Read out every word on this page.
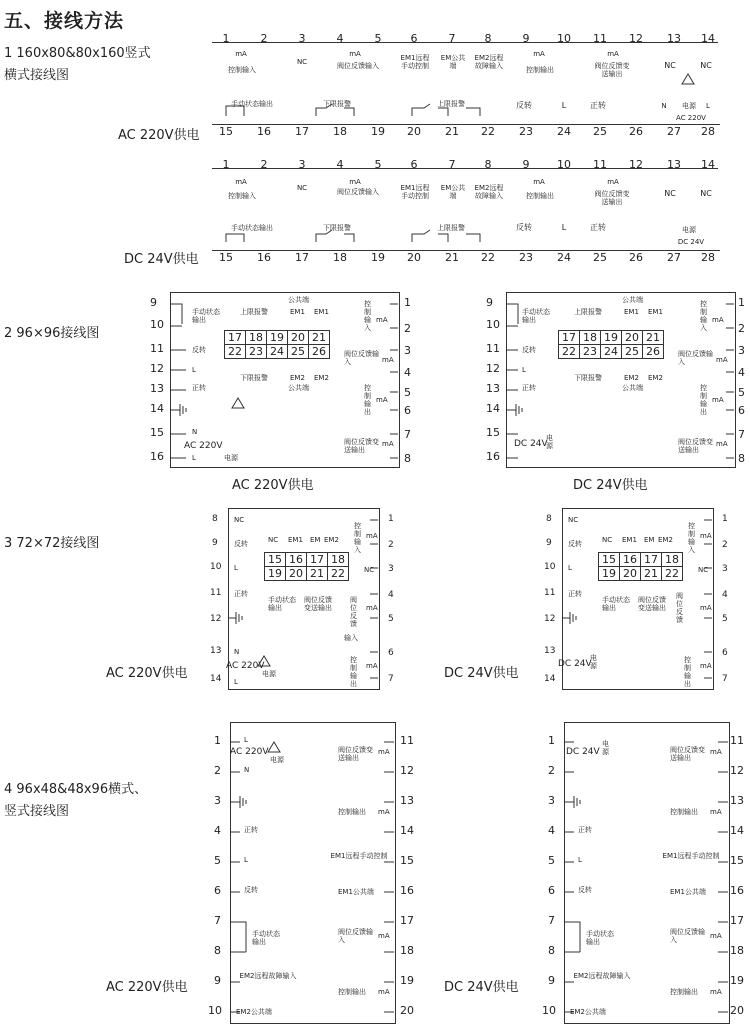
五、接线方法
1 160x80&80x160竖式
横式接线图
AC 220V供电
DC 24V供电
2 96×96接线图
AC 220V供电	DC 24V供电
3 72×72接线图
AC 220V供电	DC 24V供电
4 96x48&48x96横式、
竖式接线图
AC 220V供电	DC 24V供电
1	2	3	4	5	6	7	8	9	10	11	12	13	14
mA
控制输入
NC
mA
阀位反馈输入
EM1远程手动控制
EM公共端
EM2远程故障输入
mA
控制输出
mA
阀位反馈变送输出
NC	NC
手动状态输出	下限报警	上限报警	反转	L	正转	N	电源	L
AC 220V
15	16	17	18	19	20	21	22	23	24	25	26	27	28
1	2	3	4	5	6	7	8	9	10	11	12	13	14
mA
控制输入
NC
mA
阀位反馈输入	EM1远程手动控制
EM公共端
EM2远程故障输入
mA
控制输出
mA
阀位反馈变送输出
NC	NC
手动状态输出	下限报警	上限报警	反转	L	正转	电源
DC 24V
15	16	17	18	19	20	21	22	23	24	25	26	27	28
9
10
11
12
13
14
15
16
1
2
3
4
5
6
7
8
手动状态输出
反转
L
正转
N
AC 220V
L	电源
上限报警
公共端
EM1 EM1
17	18	19	20	21
22	23	24	25	26
下限报警	EM2 EM2
公共端
控制输入
mA
阀位反馈输入	mA
控制输出
mA
阀位反馈变送输出
mA
9
10
11
12
13
14
15
16
1
2
3
4
5
6
7
8
手动状态输出
反转
L
正转
DC 24V
电源
上限报警
公共端
EM1 EM1
17	18	19	20	21
22	23	24	25	26
下限报警	EM2 EM2
公共端
控制输入
mA
阀位反馈输入	mA
控制输出
mA
阀位反馈变送输出
mA
8
9
10
11
12
13
14
1
2
3
4
5
6
7
NC
反转
L
正转
N
AC 220V
电源
L
NC EM1 EM EM2
15	16	17	18
19	20	21	22
手动状态输出
阀位反馈变送输出
控制输入
mA
NC
阀位反馈
mA
输入
控制输出
mA
8
9
10
11
12
13
14
1
2
3
4
5
6
7
NC
反转
L
正转
DC 24V
电源
NC EM1 EM EM2
15	16	17	18
19	20	21	22
手动状态输出
阀位反馈变送输出
控制输入
mA
NC
阀位反馈
mA
控制输出
mA
1
2
3
4
5
6
7
8
9
10
11
12
13
14
15
16
17
18
19
20
L
AC 220V
电源
N
正转
L
反转
手动状态输出
EM2远程故障输入
EM2公共端
阀位反馈变送输出
mA
控制输出 mA
EM1远程手动控制
EM1公共端
阀位反馈输入	mA
控制输出 mA
1
2
3
4
5
6
7
8
9
10
11
12
13
14
15
16
17
18
19
20
DC 24V
电源
正转
L
反转
手动状态输出
EM2远程故障输入
EM2公共端
阀位反馈变送输出
mA
控制输出 mA
EM1远程手动控制
EM1公共端
阀位反馈输入	mA
控制输出 mA
